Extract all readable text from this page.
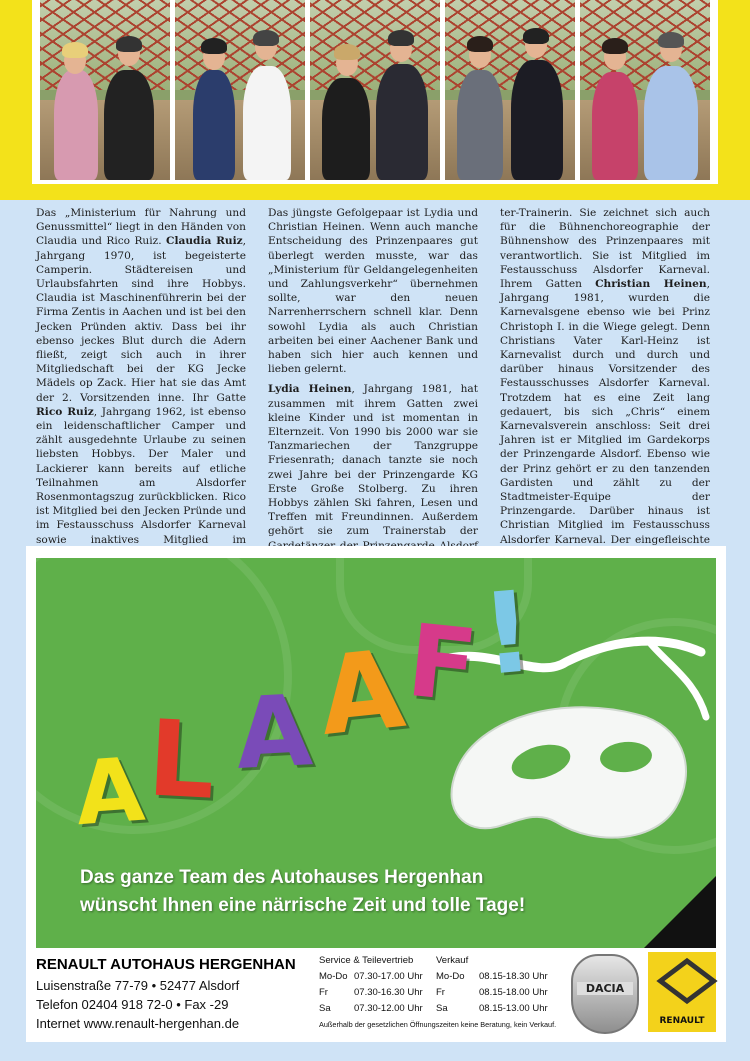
Das „Ministerium für Nahrung und Genussmittel“ liegt in den Händen von Claudia und Rico Ruiz. Claudia Ruiz, Jahrgang 1970, ist begeisterte Camperin. Städtereisen und Urlaubsfahrten sind ihre Hobbys. Claudia ist Maschinenführerin bei der Firma Zentis in Aachen und ist bei den Jecken Pründen aktiv. Dass bei ihr ebenso jeckes Blut durch die Adern fließt, zeigt sich auch in ihrer Mitgliedschaft bei der KG Jecke Mädels op Zack. Hier hat sie das Amt der 2. Vorsitzenden inne. Ihr Gatte Rico Ruiz, Jahrgang 1962, ist ebenso ein leidenschaftlicher Camper und zählt ausgedehnte Urlaube zu seinen liebsten Hobbys. Der Maler und Lackierer kann bereits auf etliche Teilnahmen am Alsdorfer Rosenmontagszug zurückblicken. Rico ist Mitglied bei den Jecken Pründe und im Festausschuss Alsdorfer Karneval sowie inaktives Mitglied im

Das jüngste Gefolgepaar ist Lydia und Christian Heinen. Wenn auch manche Entscheidung des Prinzenpaares gut überlegt werden musste, war das „Ministerium für Geldangelegenheiten und Zahlungsverkehr“ übernehmen sollte, war den neuen Narrenherrschern schnell klar. Denn sowohl Lydia als auch Christian arbeiten bei einer Aachener Bank und haben sich hier auch kennen und lieben gelernt.

Lydia Heinen, Jahrgang 1981, hat zusammen mit ihrem Gatten zwei kleine Kinder und ist momentan in Elternzeit. Von 1990 bis 2000 war sie Tanzmariechen der Tanzgruppe Friesenrath; danach tanzte sie noch zwei Jahre bei der Prinzengarde KG Erste Große Stolberg. Zu ihren Hobbys zählen Ski fahren, Lesen und Treffen mit Freundinnen. Außerdem gehört sie zum Trainerstab der

ter-Trainerin. Sie zeichnet sich auch für die Bühnenchoreographie der Bühnenshow des Prinzenpaares mit verantwortlich. Sie ist Mitglied im Festausschuss Alsdorfer Karneval. Ihrem Gatten Christian Heinen, Jahrgang 1981, wurden die Karnevalsgene ebenso wie bei Prinz Christoph I. in die Wiege gelegt. Denn Christians Vater Karl-Heinz ist Karnevalist durch und durch und darüber hinaus Vorsitzender des Festausschusses Alsdorfer Karneval. Trotzdem hat es eine Zeit lang gedauert, bis sich „Chris“ einem Karnevalsverein anschloss: Seit drei Jahren ist er Mitglied im Gardekorps der Prinzengarde Alsdorf. Ebenso wie der Prinz gehört er zu den tanzenden Gardisten und zählt zu der Stadtmeister-Equipe der Prinzengarde. Darüber hinaus ist Christian Mitglied im Festausschuss Alsdorfer Karneval. Der eingefleischte

A
L A
A
F
!
Das ganze Team des Autohauses Hergenhan
wünscht Ihnen eine närrische Zeit und tolle Tage!
RENAULT AUTOHAUS HERGENHAN
Luisenstraße 77-79 • 52477 Alsdorf
Telefon 02404 918 72-0 • Fax -29
Internet www.renault-hergenhan.de
Service & Teilevertrieb Verkauf
Mo-Do 07.30-17.00 Uhr Mo-Do 08.15-18.30 Uhr
Fr	07.30-16.30 Uhr Fr	08.15-18.00 Uhr
Sa 07.30-12.00 Uhr Sa	08.15-13.00 Uhr
Außerhalb der gesetzlichen Öffnungszeiten keine Beratung, kein Verkauf.
DACIA
RENAULT
